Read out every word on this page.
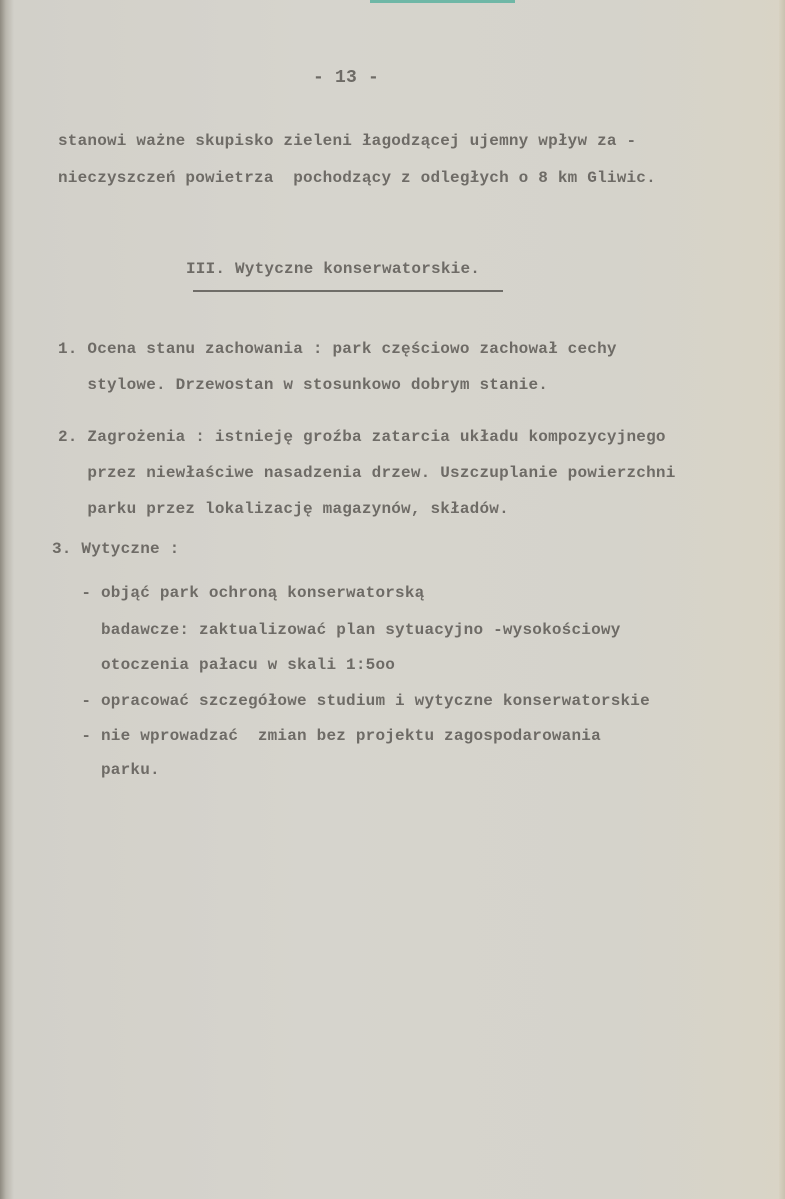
- 13 -
stanowi ważne skupisko zieleni łagodzącej ujemny wpływ za -
nieczyszczeń powietrza  pochodzący z odległych o 8 km Gliwic.
III. Wytyczne konserwatorskie.
1. Ocena stanu zachowania : park częściowo zachował cechy
stylowe. Drzewostan w stosunkowo dobrym stanie.
2. Zagrożenia : istnieję groźba zatarcia układu kompozycyjnego
przez niewłaściwe nasadzenia drzew. Uszczuplanie powierzchni
parku przez lokalizację magazynów, składów.
3. Wytyczne :
- objąć park ochroną konserwatorską
badawcze: zaktualizować plan sytuacyjno -wysokościowy
otoczenia pałacu w skali 1:5oo
- opracować szczegółowe studium i wytyczne konserwatorskie
- nie wprowadzać  zmian bez projektu zagospodarowania
parku.
